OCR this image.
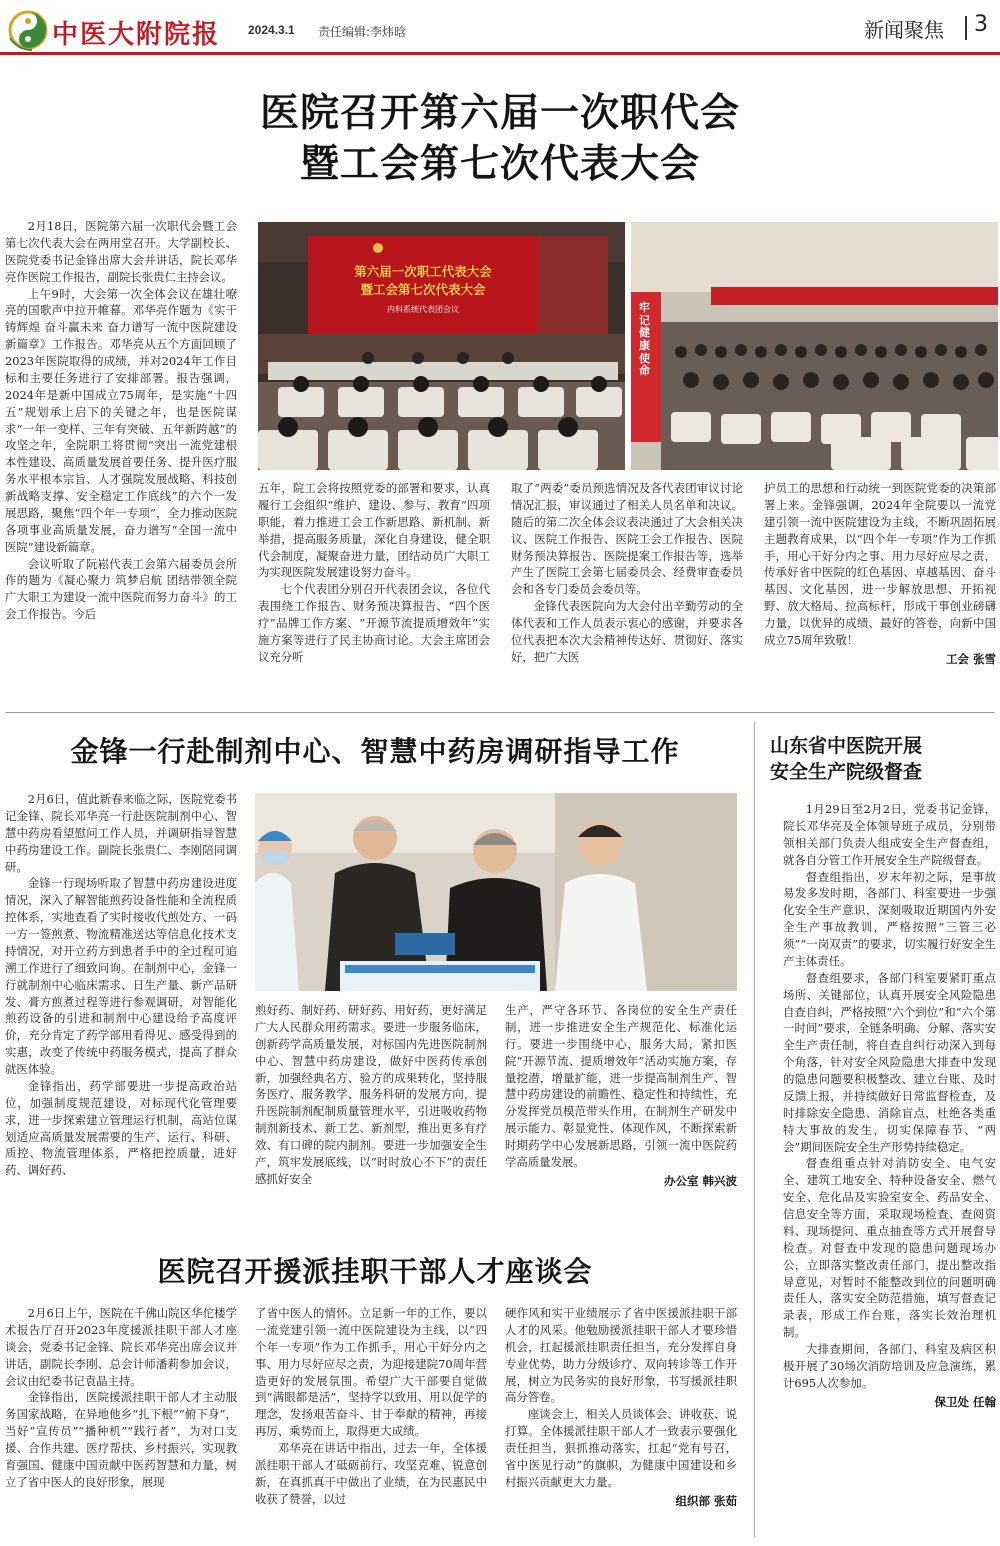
中医大附院报 2024.3.1 责任编辑:李炜晗	新闻聚焦 3
医院召开第六届一次职代会
暨工会第七次代表大会

2月18日，医院第六届一次职代会暨工会第七次代表大会在两用堂召开。大学副校长、医院党委书记金锋出席大会并讲话，院长邓华亮作医院工作报告，副院长张贵仁主持会议。

上午9时，大会第一次全体会议在雄壮嘹亮的国歌声中拉开帷幕。邓华亮作题为《实干铸辉煌 奋斗赢未来 奋力谱写一流中医院建设新篇章》工作报告。邓华亮从五个方面回顾了2023年医院取得的成绩，并对2024年工作目标和主要任务进行了安排部署。报告强调，2024年是新中国成立75周年，是实施“十四五”规划承上启下的关键之年，也是医院谋求“一年一变样、三年有突破、五年新跨越”的攻坚之年，全院职工将贯彻“突出一流党建根本性建设、高质量发展首要任务、提升医疗服务水平根本宗旨、人才强院发展战略、科技创新战略支撑、安全稳定工作底线”的六个一发展思路，聚焦“四个年一专项”，全力推动医院各项事业高质量发展，奋力谱写“全国一流中医院”建设新篇章。

会议听取了阮崧代表工会第六届委员会所作的题为《凝心聚力 筑梦启航 团结带领全院广大职工为建设一流中医院而努力奋斗》的工会工作报告。今后

第六届一次职工代表大会
暨工会第七次代表大会
内科系统代表团会议	牢记健康使命

五年，院工会将按照党委的部署和要求，认真履行工会组织“维护、建设、参与、教育”四项职能，着力推进工会工作新思路、新机制、新举措，提高服务质量，深化自身建设，健全职代会制度，凝聚奋进力量，团结动员广大职工为实现医院发展建设努力奋斗。

七个代表团分别召开代表团会议，各位代表围绕工作报告、财务预决算报告、“四个医疗”品牌工作方案、“开源节流提质增效年”实施方案等进行了民主协商讨论。大会主席团会议充分听

取了“两委”委员预选情况及各代表团审议讨论情况汇报，审议通过了相关人员名单和决议。随后的第二次全体会议表决通过了大会相关决议、医院工作报告、医院工会工作报告、医院财务预决算报告、医院提案工作报告等，选举产生了医院工会第七届委员会、经费审查委员会和各专门委员会委员等。

金锋代表医院向为大会付出辛勤劳动的全体代表和工作人员表示衷心的感谢，并要求各位代表把本次大会精神传达好、贯彻好、落实好，把广大医

护员工的思想和行动统一到医院党委的决策部署上来。金锋强调，2024年全院要以一流党建引领一流中医院建设为主线，不断巩固拓展主题教育成果，以“四个年一专项”作为工作抓手，用心干好分内之事、用力尽好应尽之责，传承好省中医院的红色基因、卓越基因、奋斗基因、文化基因，进一步解放思想、开拓视野、放大格局、拉高标杆，形成干事创业磅礴力量，以优异的成绩、最好的答卷，向新中国成立75周年致敬！

工会 张雪
金锋一行赴制剂中心、智慧中药房调研指导工作

2月6日，值此新春来临之际，医院党委书记金锋、院长邓华亮一行赴医院制剂中心、智慧中药房看望慰问工作人员，并调研指导智慧中药房建设工作。副院长张贵仁、李刚陪同调研。

金锋一行现场听取了智慧中药房建设进度情况，深入了解智能煎药设备性能和全流程质控体系，实地查看了实时接收代煎处方、一码一方一签煎煮、物流精准送达等信息化技术支持情况，对开立药方到患者手中的全过程可追溯工作进行了细致问询。在制剂中心，金锋一行就制剂中心临床需求、日生产量、新产品研发、膏方煎煮过程等进行参观调研，对智能化煎药设备的引进和制剂中心建设给予高度评价，充分肯定了药学部用看得见、感受得到的实惠，改变了传统中药服务模式，提高了群众就医体验。

金锋指出，药学部要进一步提高政治站位，加强制度规范建设，对标现代化管理要求，进一步探索建立管理运行机制，高站位谋划适应高质量发展需要的生产、运行、科研、质控、物流管理体系，严格把控质量，进好药、调好药、

煎好药、制好药、研好药、用好药，更好满足广大人民群众用药需求。要进一步服务临床，创新药学高质量发展，对标国内先进医院制剂中心、智慧中药房建设，做好中医药传承创新，加强经典名方、验方的成果转化，坚持服务医疗、服务教学、服务科研的发展方向，提升医院制剂配制质量管理水平，引进吸收药物制剂新技术、新工艺、新剂型，推出更多有疗效、有口碑的院内制剂。要进一步加强安全生产，筑牢发展底线，以“时时放心不下”的责任感抓好安全

生产，严守各环节、各岗位的安全生产责任制，进一步推进安全生产规范化、标准化运行。要进一步围绕中心，服务大局，紧扣医院“开源节流、提质增效年”活动实施方案，存量挖潜，增量扩能，进一步提高制剂生产、智慧中药房建设的前瞻性、稳定性和持续性，充分发挥党员模范带头作用，在制剂生产研发中展示能力、彰显党性、体现作风，不断探索新时期药学中心发展新思路，引领一流中医院药学高质量发展。

办公室 韩兴波
医院召开援派挂职干部人才座谈会

2月6日上午，医院在千佛山院区华佗楼学术报告厅召开2023年度援派挂职干部人才座谈会，党委书记金锋、院长邓华亮出席会议并讲话，副院长李刚、总会计师潘莉参加会议，会议由纪委书记袁晶主持。

金锋指出，医院援派挂职干部人才主动服务国家战略，在异地他乡“扎下根”“俯下身”，当好“宣传员”“播种机”“践行者”，为对口支援、合作共建、医疗帮扶、乡村振兴，实现教育强国、健康中国贡献中医药智慧和力量，树立了省中医人的良好形象，展现

了省中医人的情怀。立足新一年的工作，要以一流党建引领一流中医院建设为主线，以“四个年一专项”作为工作抓手，用心干好分内之事、用力尽好应尽之责，为迎接建院70周年营造更好的发展氛围。希望广大干部要自觉做到“满眼都是活”，坚持学以致用、用以促学的理念，发扬艰苦奋斗、甘于奉献的精神，再接再厉、乘势而上，取得更大成绩。

邓华亮在讲话中指出，过去一年，全体援派挂职干部人才砥砺前行、攻坚克难、锐意创新，在真抓真干中做出了业绩，在为民惠民中收获了赞誉，以过

硬作风和实干业绩展示了省中医援派挂职干部人才的风采。他勉励援派挂职干部人才要珍惜机会，扛起援派挂职责任担当，充分发挥自身专业优势，助力分级诊疗、双向转诊等工作开展，树立为民务实的良好形象，书写援派挂职高分答卷。

座谈会上，相关人员谈体会、讲收获、说打算。全体援派挂职干部人才一致表示要强化责任担当，狠抓推动落实，扛起“党有号召，省中医见行动”的旗帜，为健康中国建设和乡村振兴贡献更大力量。

组织部 张茹
山东省中医院开展
安全生产院级督查

1月29日至2月2日，党委书记金锋，院长邓华亮及全体领导班子成员，分别带领相关部门负责人组成安全生产督查组，就各自分管工作开展安全生产院级督查。

督查组指出，岁末年初之际，是事故易发多发时期，各部门、科室要进一步强化安全生产意识，深刻吸取近期国内外安全生产事故教训，严格按照“三管三必须”“一岗双责”的要求，切实履行好安全生产主体责任。

督查组要求，各部门科室要紧盯重点场所、关键部位，认真开展安全风险隐患自查自纠，严格按照“六个到位”和“六个第一时间”要求，全链条明确、分解、落实安全生产责任制，将自查自纠行动深入到每个角落，针对安全风险隐患大排查中发现的隐患问题要积极整改、建立台账、及时反馈上报，并持续做好日常监督检查，及时排除安全隐患、消除盲点，杜绝各类重特大事故的发生，切实保障春节、“两会”期间医院安全生产形势持续稳定。

督查组重点针对消防安全、电气安全、建筑工地安全、特种设备安全、燃气安全、危化品及实验室安全、药品安全、信息安全等方面，采取现场检查、查阅资料、现场提问、重点抽查等方式开展督导检查。对督查中发现的隐患问题现场办公，立即落实整改责任部门，提出整改指导意见，对暂时不能整改到位的问题明确责任人，落实安全防范措施，填写督查记录表，形成工作台账，落实长效治理机制。

大排查期间，各部门、科室及病区积极开展了30场次消防培训及应急演练，累计695人次参加。

保卫处 任翰
